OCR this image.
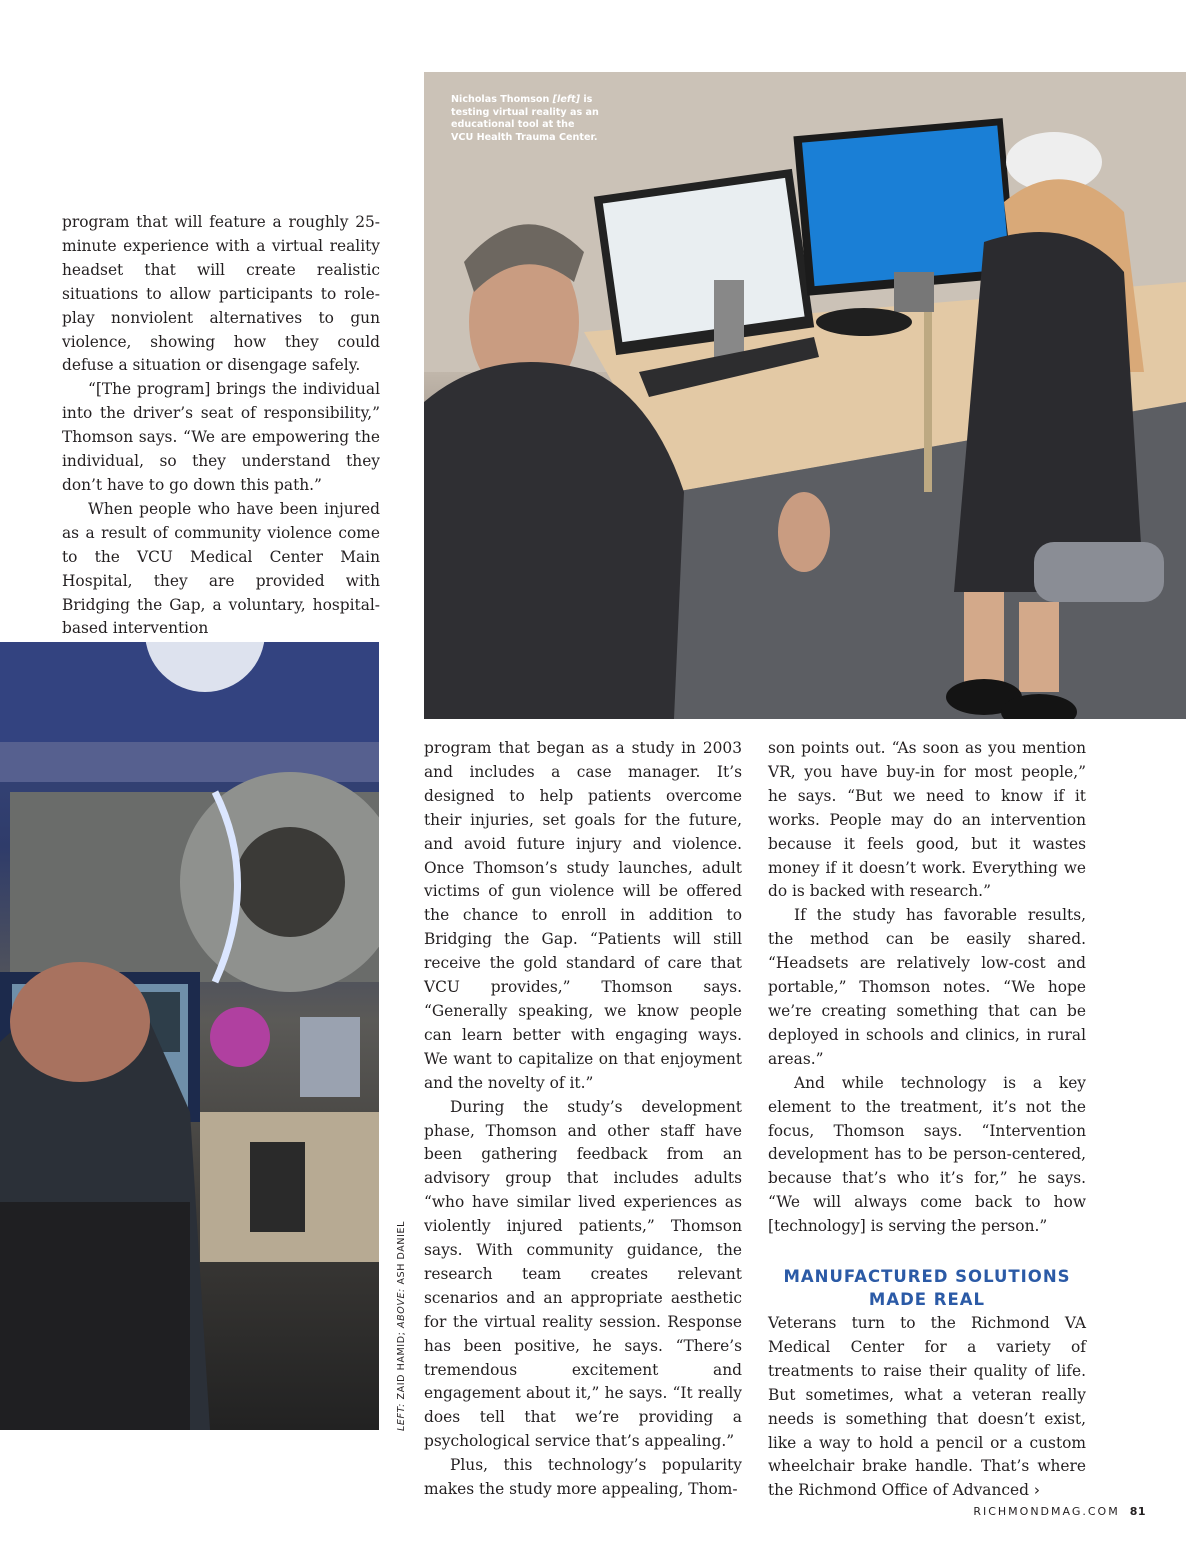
Nicholas Thomson [left] is testing virtual reality as an educational tool at the VCU Health Trauma Center.

program that will feature a roughly 25-minute experience with a virtual reality headset that will create realistic situations to allow participants to role-play nonviolent alternatives to gun violence, showing how they could defuse a situation or disengage safely.

“[The program] brings the individual into the driver’s seat of responsibility,” Thomson says. “We are empowering the individual, so they understand they don’t have to go down this path.”

When people who have been injured as a result of community violence come to the VCU Medical Center Main Hospital, they are provided with Bridging the Gap, a voluntary, hospital-based intervention

LEFT: ZAID HAMID; ABOVE: ASH DANIEL

program that began as a study in 2003 and includes a case manager. It’s designed to help patients overcome their injuries, set goals for the future, and avoid future injury and violence. Once Thomson’s study launches, adult victims of gun violence will be offered the chance to enroll in addition to Bridging the Gap. “Patients will still receive the gold standard of care that VCU provides,” Thomson says. “Generally speaking, we know people can learn better with engaging ways. We want to capitalize on that enjoyment and the novelty of it.”

During the study’s development phase, Thomson and other staff have been gathering feedback from an advisory group that includes adults “who have similar lived experiences as violently injured patients,” Thomson says. With community guidance, the research team creates relevant scenarios and an appropriate aesthetic for the virtual reality session. Response has been positive, he says. “There’s tremendous excitement and engagement about it,” he says. “It really does tell that we’re providing a psychological service that’s appealing.”

Plus, this technology’s popularity makes the study more appealing, Thom-

son points out. “As soon as you mention VR, you have buy-in for most people,” he says. “But we need to know if it works. People may do an intervention because it feels good, but it wastes money if it doesn’t work. Everything we do is backed with research.”

If the study has favorable results, the method can be easily shared. “Headsets are relatively low-cost and portable,” Thomson notes. “We hope we’re creating something that can be deployed in schools and clinics, in rural areas.”

And while technology is a key element to the treatment, it’s not the focus, Thomson says. “Intervention development has to be person-centered, because that’s who it’s for,” he says. “We will always come back to how [technology] is serving the person.”

MANUFACTURED SOLUTIONS
MADE REAL

Veterans turn to the Richmond VA Medical Center for a variety of treatments to raise their quality of life. But sometimes, what a veteran really needs is something that doesn’t exist, like a way to hold a pencil or a custom wheelchair brake handle. That’s where the Richmond Office of Advanced ›

RICHMONDMAG.COM 81
